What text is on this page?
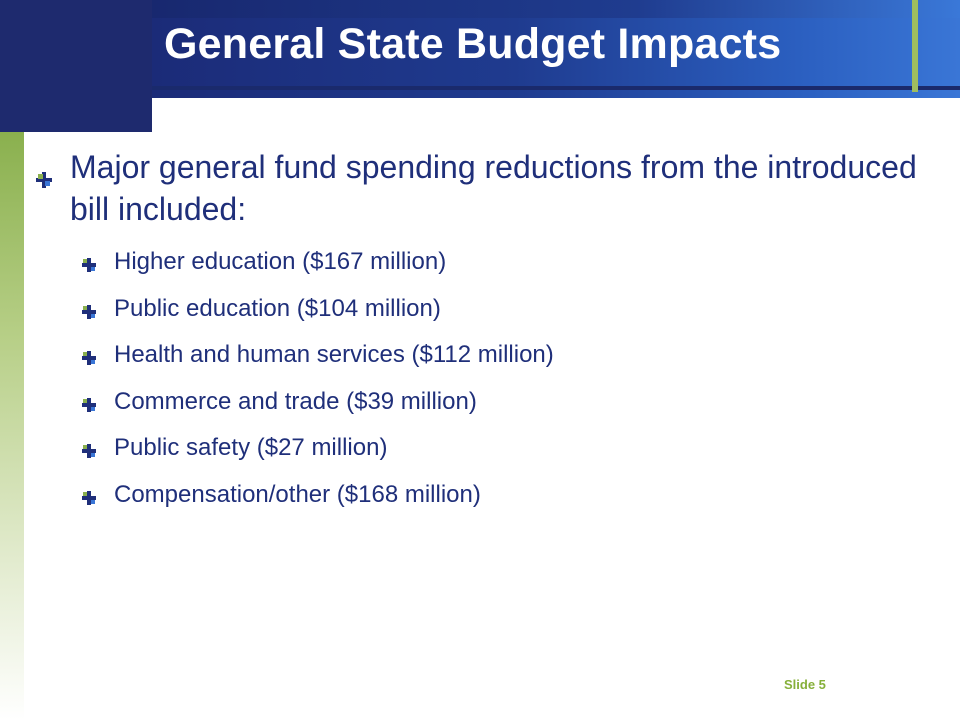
General State Budget Impacts
Major general fund spending reductions from the introduced bill included:
Higher education ($167 million)
Public education ($104 million)
Health and human services ($112 million)
Commerce and trade ($39 million)
Public safety ($27 million)
Compensation/other ($168 million)
Slide 5
